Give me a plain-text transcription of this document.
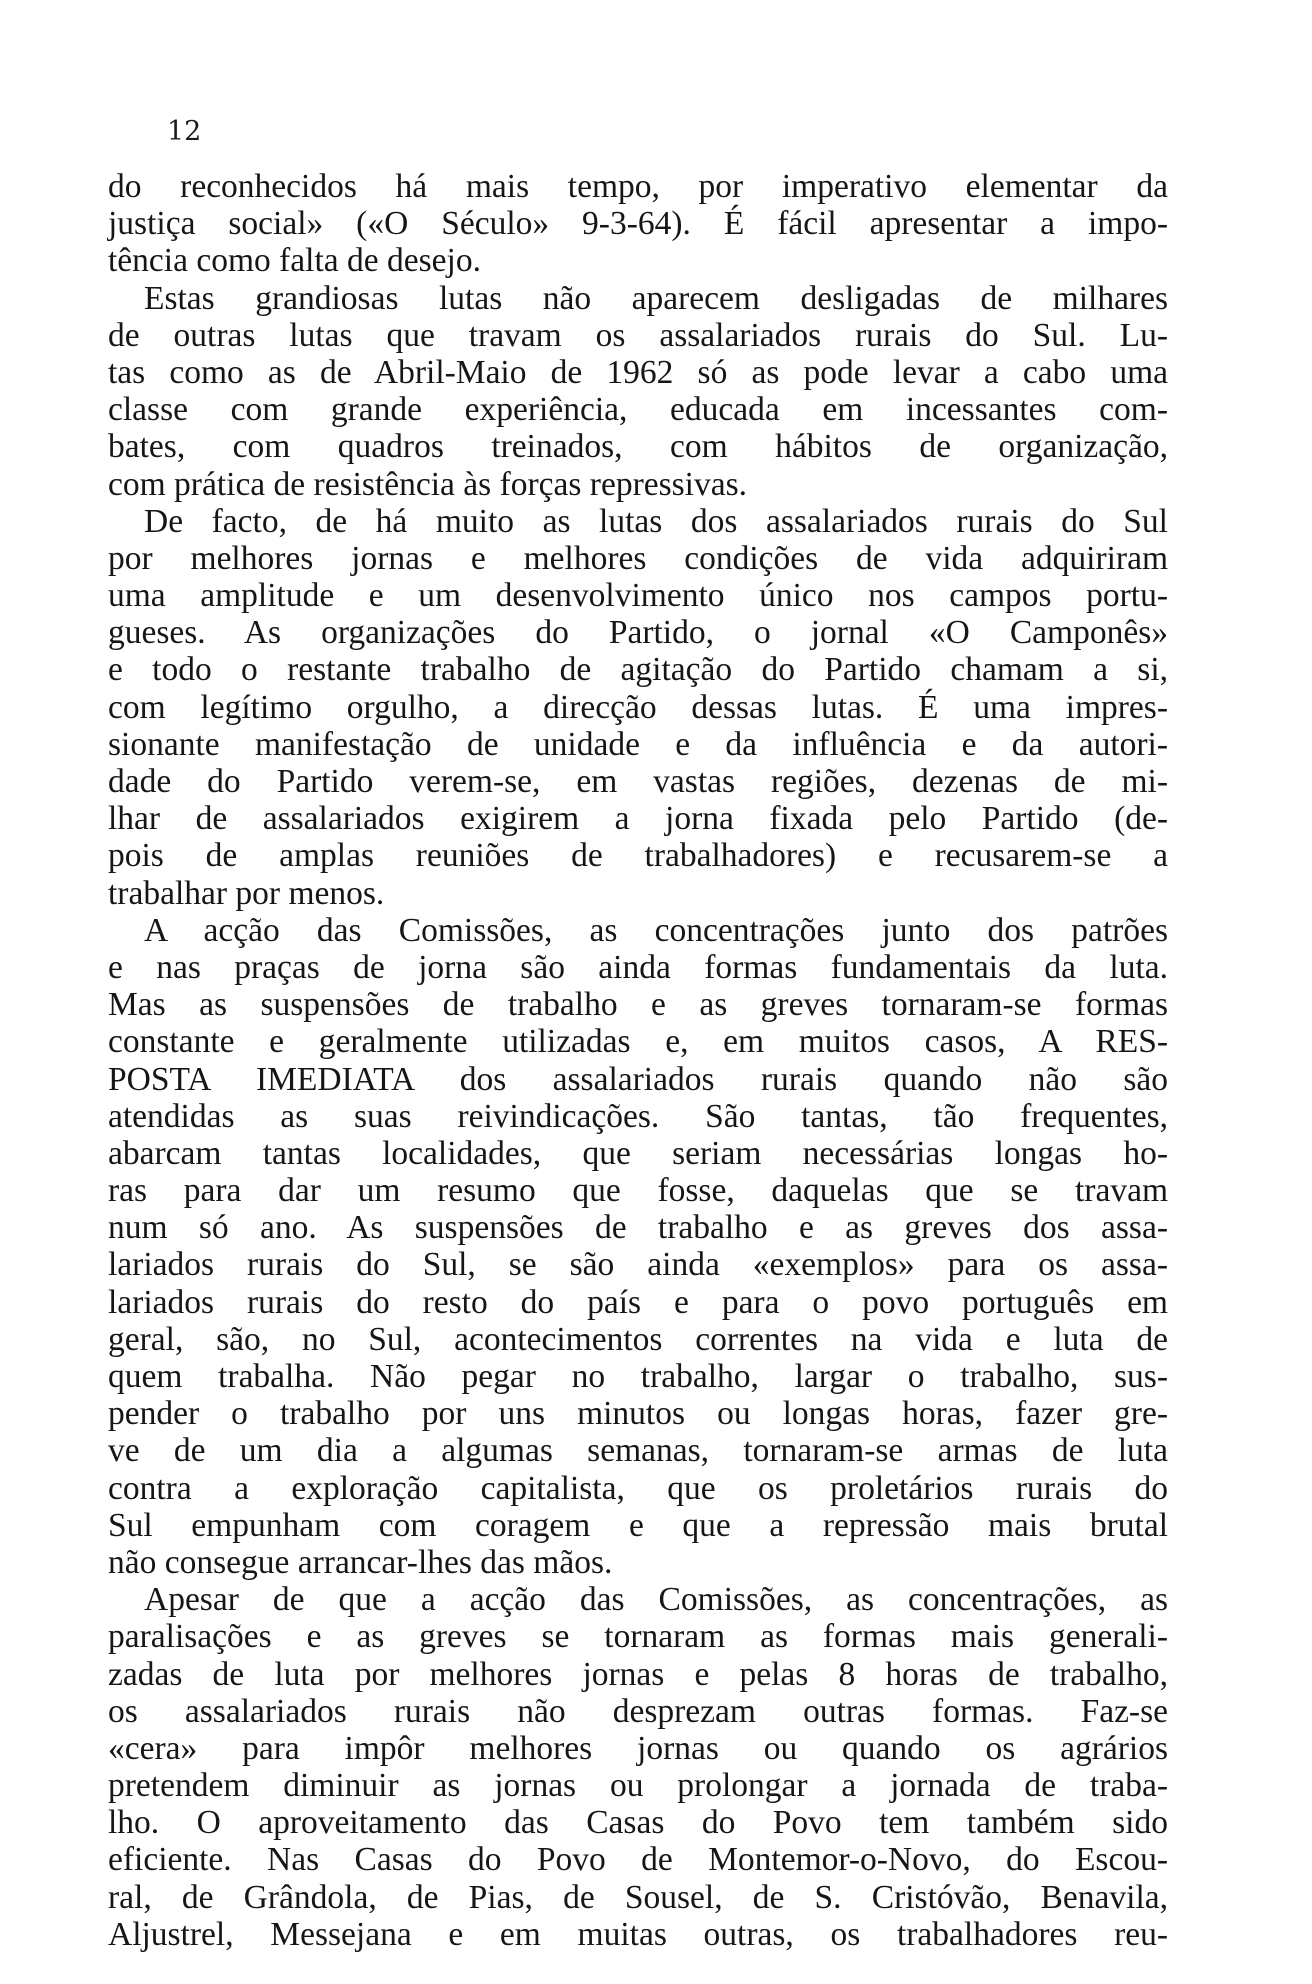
12
do reconhecidos há mais tempo, por imperativo elementar da
justiça social» («O Século» 9-3-64). É fácil apresentar a impo-
tência como falta de desejo.
Estas grandiosas lutas não aparecem desligadas de milhares
de outras lutas que travam os assalariados rurais do Sul. Lu-
tas como as de Abril-Maio de 1962 só as pode levar a cabo uma
classe com grande experiência, educada em incessantes com-
bates, com quadros treinados, com hábitos de organização,
com prática de resistência às forças repressivas.
De facto, de há muito as lutas dos assalariados rurais do Sul
por melhores jornas e melhores condições de vida adquiriram
uma amplitude e um desenvolvimento único nos campos portu-
gueses. As organizações do Partido, o jornal «O Camponês»
e todo o restante trabalho de agitação do Partido chamam a si,
com legítimo orgulho, a direcção dessas lutas. É uma impres-
sionante manifestação de unidade e da influência e da autori-
dade do Partido verem-se, em vastas regiões, dezenas de mi-
lhar de assalariados exigirem a jorna fixada pelo Partido (de-
pois de amplas reuniões de trabalhadores) e recusarem-se a
trabalhar por menos.
A acção das Comissões, as concentrações junto dos patrões
e nas praças de jorna são ainda formas fundamentais da luta.
Mas as suspensões de trabalho e as greves tornaram-se formas
constante e geralmente utilizadas e, em muitos casos, A RES-
POSTA IMEDIATA dos assalariados rurais quando não são
atendidas as suas reivindicações. São tantas, tão frequentes,
abarcam tantas localidades, que seriam necessárias longas ho-
ras para dar um resumo que fosse, daquelas que se travam
num só ano. As suspensões de trabalho e as greves dos assa-
lariados rurais do Sul, se são ainda «exemplos» para os assa-
lariados rurais do resto do país e para o povo português em
geral, são, no Sul, acontecimentos correntes na vida e luta de
quem trabalha. Não pegar no trabalho, largar o trabalho, sus-
pender o trabalho por uns minutos ou longas horas, fazer gre-
ve de um dia a algumas semanas, tornaram-se armas de luta
contra a exploração capitalista, que os proletários rurais do
Sul empunham com coragem e que a repressão mais brutal
não consegue arrancar-lhes das mãos.
Apesar de que a acção das Comissões, as concentrações, as
paralisações e as greves se tornaram as formas mais generali-
zadas de luta por melhores jornas e pelas 8 horas de trabalho,
os assalariados rurais não desprezam outras formas. Faz-se
«cera» para impôr melhores jornas ou quando os agrários
pretendem diminuir as jornas ou prolongar a jornada de traba-
lho. O aproveitamento das Casas do Povo tem também sido
eficiente. Nas Casas do Povo de Montemor-o-Novo, do Escou-
ral, de Grândola, de Pias, de Sousel, de S. Cristóvão, Benavila,
Aljustrel, Messejana e em muitas outras, os trabalhadores reu-
